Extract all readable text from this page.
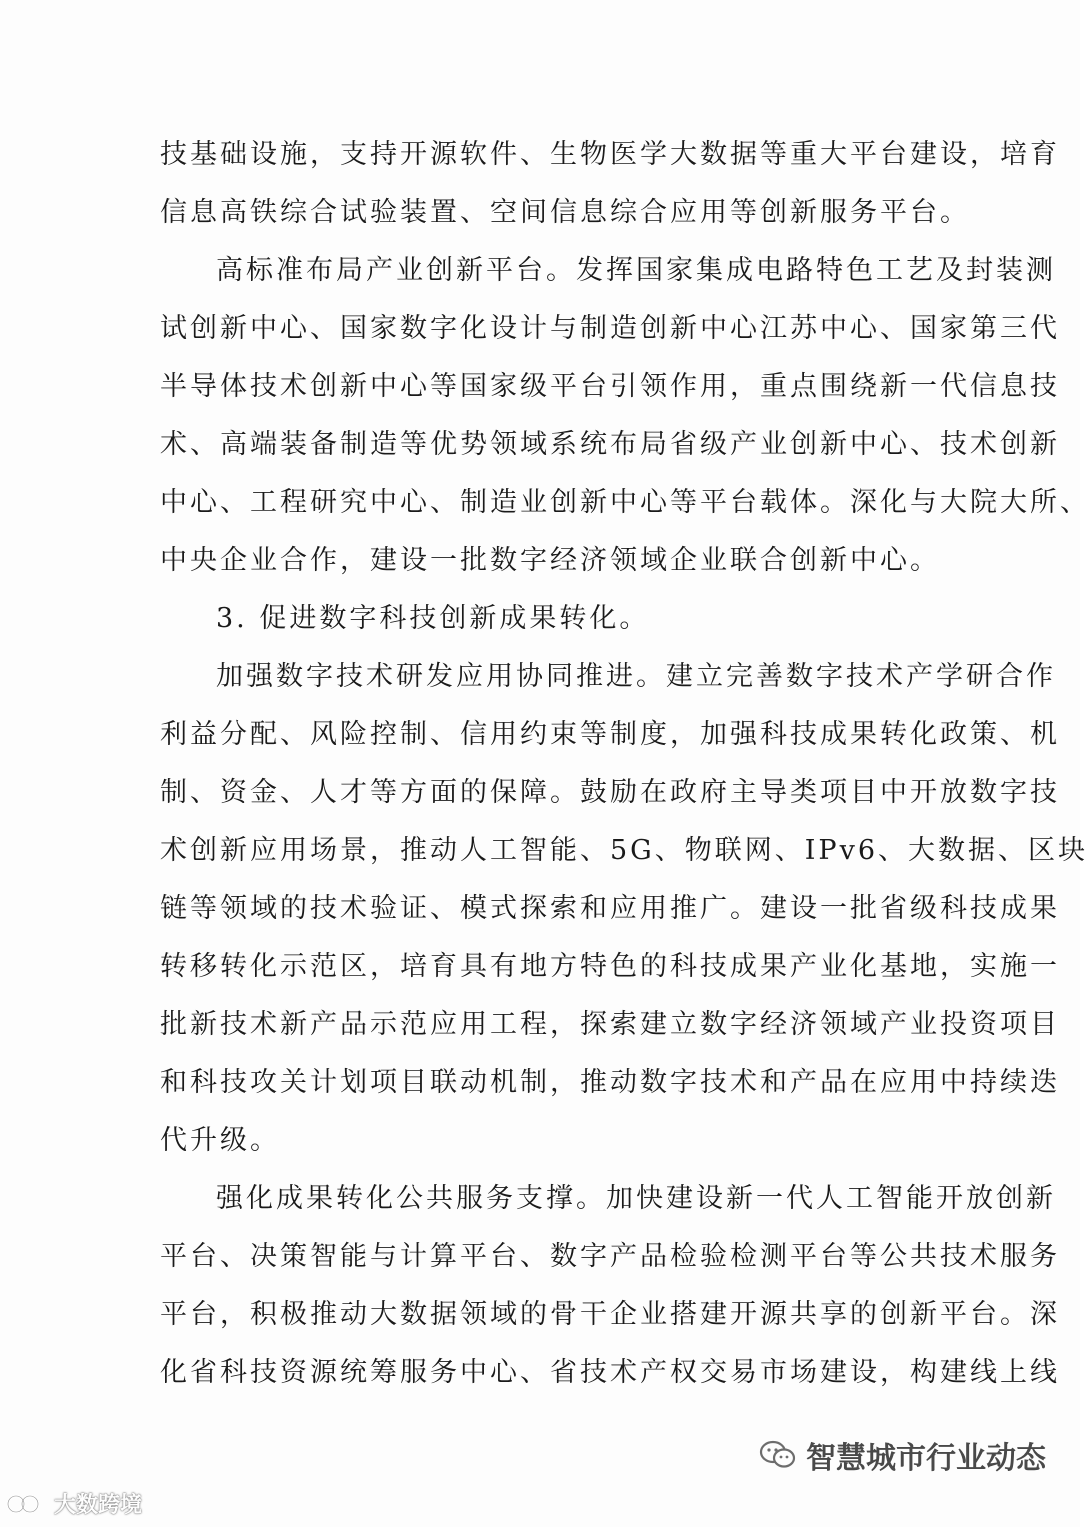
技基础设施，支持开源软件、生物医学大数据等重大平台建设，培育
信息高铁综合试验装置、空间信息综合应用等创新服务平台。
高标准布局产业创新平台。发挥国家集成电路特色工艺及封装测
试创新中心、国家数字化设计与制造创新中心江苏中心、国家第三代
半导体技术创新中心等国家级平台引领作用，重点围绕新一代信息技
术、高端装备制造等优势领域系统布局省级产业创新中心、技术创新
中心、工程研究中心、制造业创新中心等平台载体。深化与大院大所、
中央企业合作，建设一批数字经济领域企业联合创新中心。
3. 促进数字科技创新成果转化。
加强数字技术研发应用协同推进。建立完善数字技术产学研合作
利益分配、风险控制、信用约束等制度，加强科技成果转化政策、机
制、资金、人才等方面的保障。鼓励在政府主导类项目中开放数字技
术创新应用场景，推动人工智能、5G、物联网、IPv6、大数据、区块
链等领域的技术验证、模式探索和应用推广。建设一批省级科技成果
转移转化示范区，培育具有地方特色的科技成果产业化基地，实施一
批新技术新产品示范应用工程，探索建立数字经济领域产业投资项目
和科技攻关计划项目联动机制，推动数字技术和产品在应用中持续迭
代升级。
强化成果转化公共服务支撑。加快建设新一代人工智能开放创新
平台、决策智能与计算平台、数字产品检验检测平台等公共技术服务
平台，积极推动大数据领域的骨干企业搭建开源共享的创新平台。深
化省科技资源统筹服务中心、省技术产权交易市场建设，构建线上线
智慧城市行业动态
大数跨境
